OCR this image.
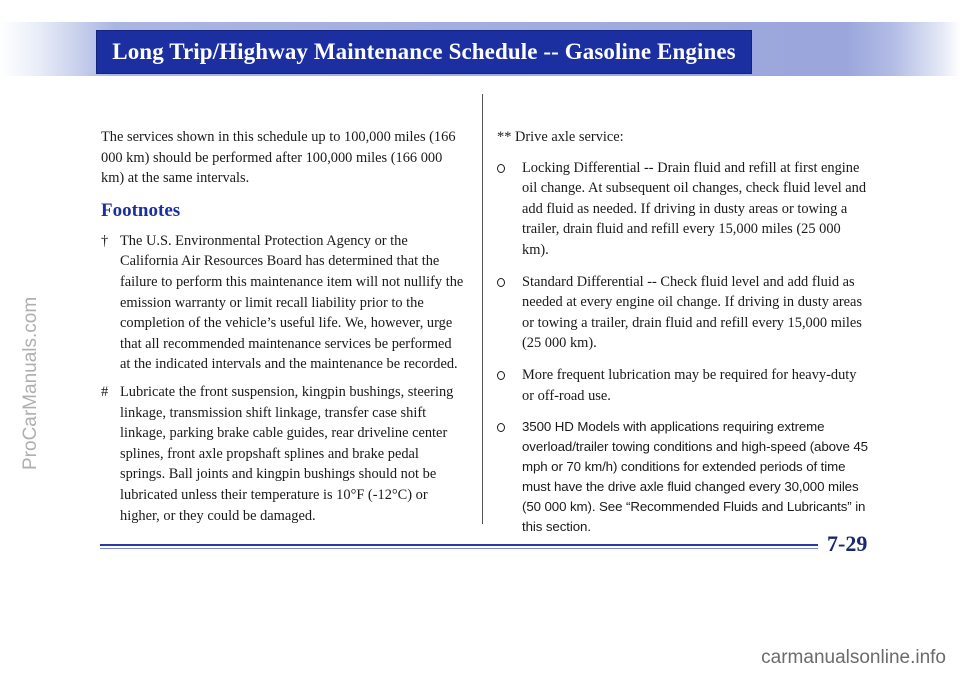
Long Trip/Highway Maintenance Schedule -- Gasoline Engines

The services shown in this schedule up to 100,000 miles (166 000 km) should be performed after 100,000 miles (166 000 km) at the same intervals.

Footnotes
† The U.S. Environmental Protection Agency or the California Air Resources Board has determined that the failure to perform this maintenance item will not nullify the emission warranty or limit recall liability prior to the completion of the vehicle’s useful life. We, however, urge that all recommended maintenance services be performed at the indicated intervals and the maintenance be recorded.
# Lubricate the front suspension, kingpin bushings, steering linkage, transmission shift linkage, transfer case shift linkage, parking brake cable guides, rear driveline center splines, front axle propshaft splines and brake pedal springs. Ball joints and kingpin bushings should not be lubricated unless their temperature is 10°F (-12°C) or higher, or they could be damaged.

** Drive axle service:

Locking Differential -- Drain fluid and refill at first engine oil change. At subsequent oil changes, check fluid level and add fluid as needed. If driving in dusty areas or towing a trailer, drain fluid and refill every 15,000 miles (25 000 km).
Standard Differential -- Check fluid level and add fluid as needed at every engine oil change. If driving in dusty areas or towing a trailer, drain fluid and refill every 15,000 miles (25 000 km).
More frequent lubrication may be required for heavy-duty or off-road use.
3500 HD Models with applications requiring extreme overload/trailer towing conditions and high-speed (above 45 mph or 70 km/h) conditions for extended periods of time must have the drive axle fluid changed every 30,000 miles (50 000 km). See “Recommended Fluids and Lubricants” in this section.
7-29
ProCarManuals.com
carmanualsonline.info
